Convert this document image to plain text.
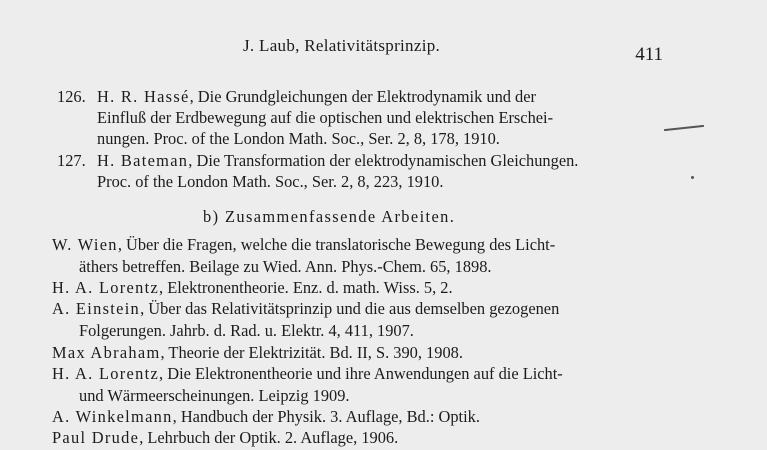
J. Laub, Relativitätsprinzip.	411
126. H. R. Hassé, Die Grundgleichungen der Elektrodynamik und der
Einfluß der Erdbewegung auf die optischen und elektrischen Erschei-
nungen. Proc. of the London Math. Soc., Ser. 2, 8, 178, 1910.
127. H. Bateman, Die Transformation der elektrodynamischen Gleichungen.
Proc. of the London Math. Soc., Ser. 2, 8, 223, 1910.
b) Zusammenfassende Arbeiten.
W. Wien, Über die Fragen, welche die translatorische Bewegung des Licht-
äthers betreffen. Beilage zu Wied. Ann. Phys.-Chem. 65, 1898.
H. A. Lorentz, Elektronentheorie. Enz. d. math. Wiss. 5, 2.
A. Einstein, Über das Relativitätsprinzip und die aus demselben gezogenen
Folgerungen. Jahrb. d. Rad. u. Elektr. 4, 411, 1907.
Max Abraham, Theorie der Elektrizität. Bd. II, S. 390, 1908.
H. A. Lorentz, Die Elektronentheorie und ihre Anwendungen auf die Licht-
und Wärmeerscheinungen. Leipzig 1909.
A. Winkelmann, Handbuch der Physik. 3. Auflage, Bd.: Optik.
Paul Drude, Lehrbuch der Optik. 2. Auflage, 1906.
